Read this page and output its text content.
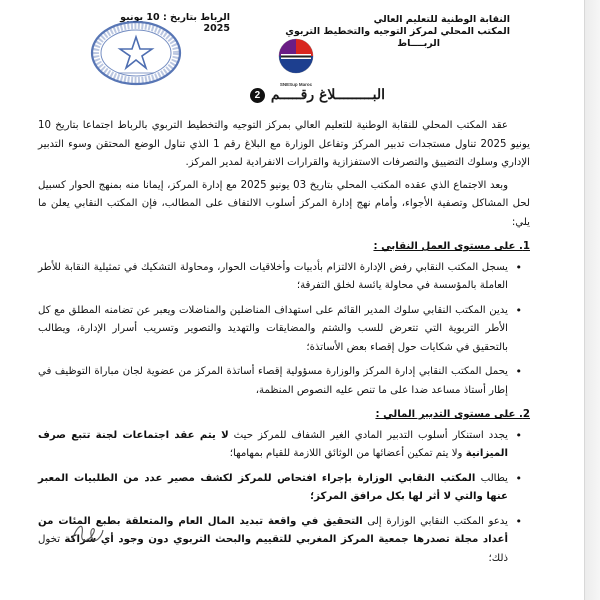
النقابة الوطنية للتعليم العالي
المكتب المحلي لمركز التوجيه والتخطيط التربوي
الربــــاط
الرباط بتاريخ : 10 يونيو 2025
SNESup Maroc
البـــــــــلاغ رقـــــم
2

عقد المكتب المحلي للنقابة الوطنية للتعليم العالي بمركز التوجيه والتخطيط التربوي بالرباط اجتماعا بتاريخ 10 يونيو 2025 تناول مستجدات تدبير المركز وتفاعل الوزارة مع البلاغ رقم 1 الذي تناول الوضع المحتقن وسوء التدبير الإداري وسلوك التضييق والتصرفات الاستفزازية والقرارات الانفرادية لمدير المركز.

وبعد الاجتماع الذي عقده المكتب المحلي بتاريخ 03 يونيو 2025 مع إدارة المركز، إيمانا منه بمنهج الحوار كسبيل لحل المشاكل وتصفية الأجواء، وأمام نهج إدارة المركز أسلوب الالتفاف على المطالب، فإن المكتب النقابي يعلن ما يلي:

1. على مستوى العمل النقابي :

• يسجل المكتب النقابي رفض الإدارة الالتزام بأدبيات وأخلاقيات الحوار، ومحاولة التشكيك في تمثيلية النقابة للأطر العاملة بالمؤسسة في محاولة يائسة لخلق التفرقة؛
• يدين المكتب النقابي سلوك المدير القائم على استهداف المناضلين والمناضلات ويعبر عن تضامنه المطلق مع كل الأطر التربوية التي تتعرض للسب والشتم والمضايقات والتهديد والتصوير وتسريب أسرار الإدارة، ويطالب بالتحقيق في شكايات حول إقصاء بعض الأساتذة؛
• يحمل المكتب النقابي إدارة المركز والوزارة مسؤولية إقصاء أساتذة المركز من عضوية لجان مباراة التوظيف في إطار أستاذ مساعد ضدا على ما تنص عليه النصوص المنظمة،

2. على مستوى التدبير المالي :

• يجدد استنكار أسلوب التدبير المادي الغير الشفاف للمركز حيث لا يتم عقد اجتماعات لجنة تتبع صرف الميزانية ولا يتم تمكين أعضائها من الوثائق اللازمة للقيام بمهامها؛
• يطالب المكتب النقابي الوزارة بإجراء افتحاص للمركز لكشف مصير عدد من الطلبيات المعبر عنها والتي لا أثر لها بكل مرافق المركز؛
• يدعو المكتب النقابي الوزارة إلى التحقيق في واقعة تبديد المال العام والمتعلقة بطبع المئات من أعداد مجلة تصدرها جمعية المركز المغربي للتقييم والبحث التربوي دون وجود أي شراكة تخول ذلك؛
